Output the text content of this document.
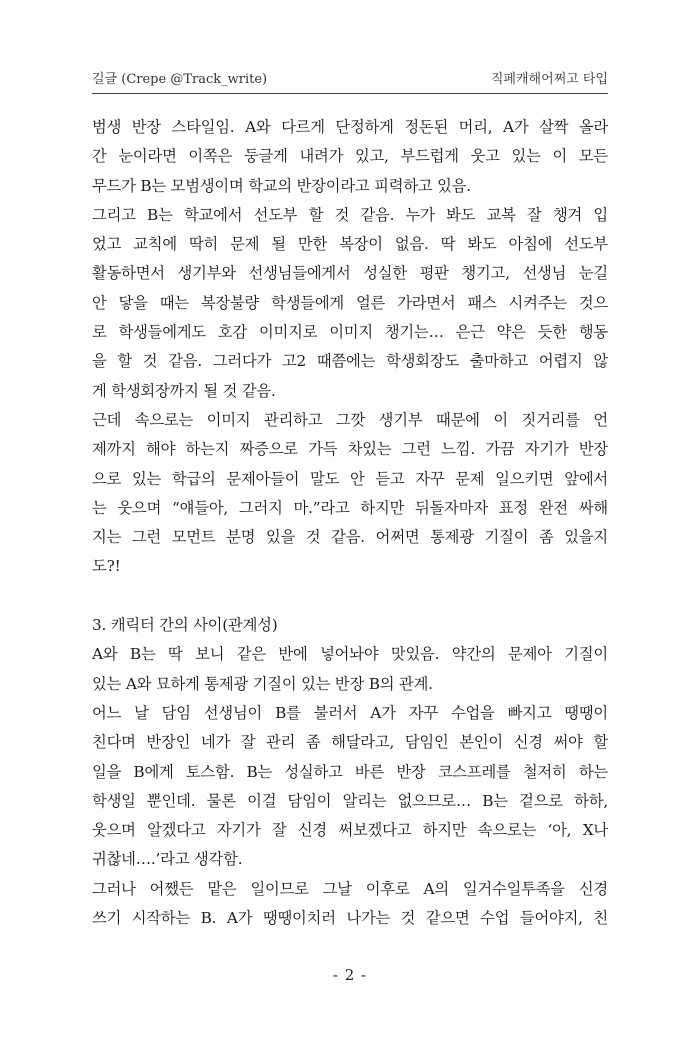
길글 (Crepe @Track_write)	직페캐해어쩌고 타입
범생 반장 스타일임. A와 다르게 단정하게 정돈된 머리, A가 살짝 올라
간 눈이라면 이쪽은 둥글게 내려가 있고, 부드럽게 웃고 있는 이 모든
무드가 B는 모범생이며 학교의 반장이라고 피력하고 있음.
그리고 B는 학교에서 선도부 할 것 같음. 누가 봐도 교복 잘 챙겨 입
었고 교칙에 딱히 문제 될 만한 복장이 없음. 딱 봐도 아침에 선도부
활동하면서 생기부와 선생님들에게서 성실한 평판 챙기고, 선생님 눈길
안 닿을 때는 복장불량 학생들에게 얼른 가라면서 패스 시켜주는 것으
로 학생들에게도 호감 이미지로 이미지 챙기는… 은근 약은 듯한 행동
을 할 것 같음. 그러다가 고2 때쯤에는 학생회장도 출마하고 어렵지 않
게 학생회장까지 될 것 같음.
근데 속으로는 이미지 관리하고 그깟 생기부 때문에 이 짓거리를 언
제까지 해야 하는지 짜증으로 가득 차있는 그런 느낌. 가끔 자기가 반장
으로 있는 학급의 문제아들이 말도 안 듣고 자꾸 문제 일으키면 앞에서
는 웃으며 “얘들아, 그러지 마.”라고 하지만 뒤돌자마자 표정 완전 싸해
지는 그런 모먼트 분명 있을 것 같음. 어쩌면 통제광 기질이 좀 있을지
도?!
3. 캐릭터 간의 사이(관계성)
A와 B는 딱 보니 같은 반에 넣어놔야 맛있음. 약간의 문제아 기질이
있는 A와 묘하게 통제광 기질이 있는 반장 B의 관계.
어느 날 담임 선생님이 B를 불러서 A가 자꾸 수업을 빠지고 땡땡이
친다며 반장인 네가 잘 관리 좀 해달라고, 담임인 본인이 신경 써야 할
일을 B에게 토스함. B는 성실하고 바른 반장 코스프레를 철저히 하는
학생일 뿐인데. 물론 이걸 담임이 알리는 없으므로… B는 겉으로 하하,
웃으며 알겠다고 자기가 잘 신경 써보겠다고 하지만 속으로는 ‘아, X나
귀찮네….’라고 생각함.
그러나 어쨌든 맡은 일이므로 그날 이후로 A의 일거수일투족을 신경
쓰기 시작하는 B. A가 땡땡이치러 나가는 것 같으면 수업 들어야지, 친
- 2 -
